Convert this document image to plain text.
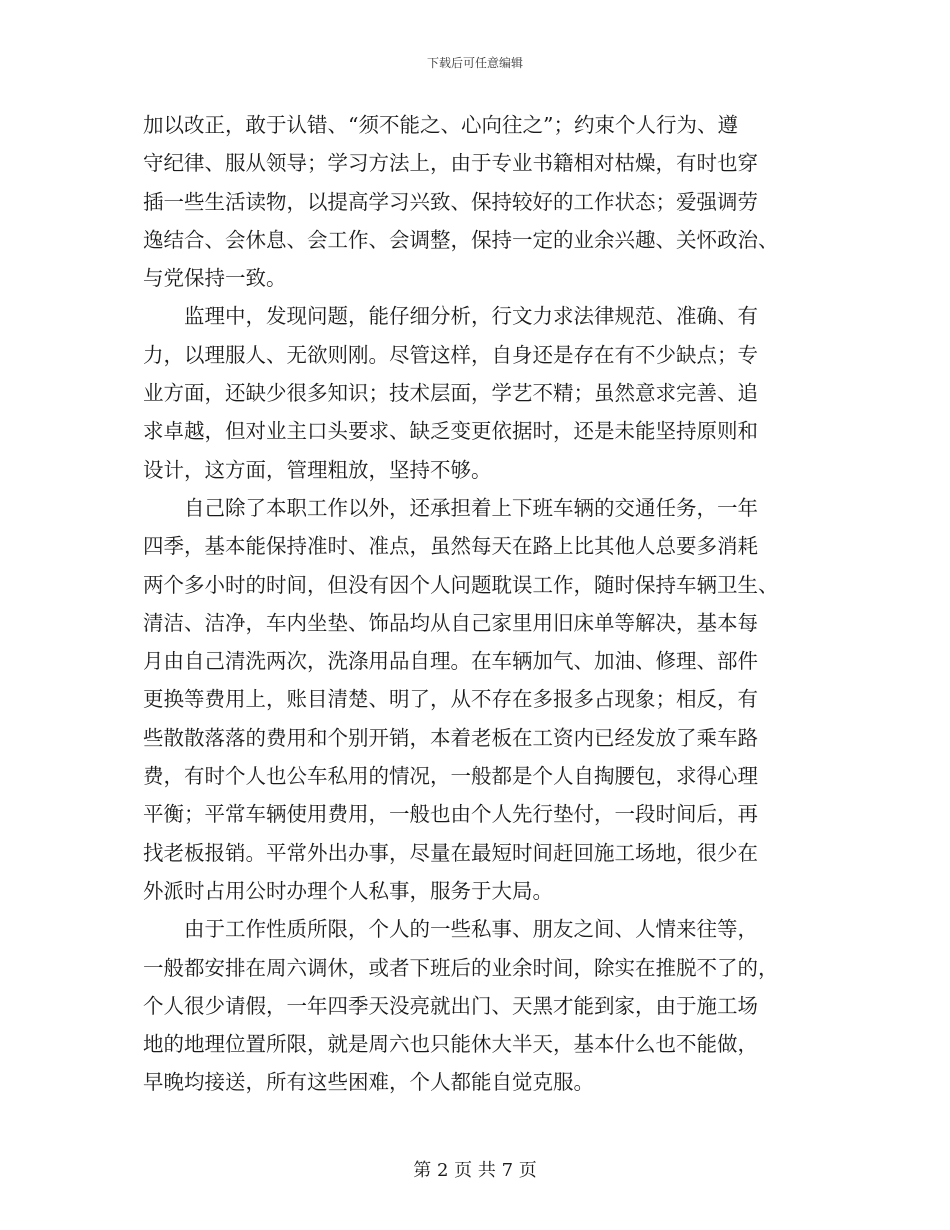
下载后可任意编辑
加以改正，敢于认错、“须不能之、心向往之”；约束个人行为、遵
守纪律、服从领导；学习方法上，由于专业书籍相对枯燥，有时也穿
插一些生活读物，以提高学习兴致、保持较好的工作状态；爱强调劳
逸结合、会休息、会工作、会调整，保持一定的业余兴趣、关怀政治、
与党保持一致。
　　监理中，发现问题，能仔细分析，行文力求法律规范、准确、有
力，以理服人、无欲则刚。尽管这样，自身还是存在有不少缺点；专
业方面，还缺少很多知识；技术层面，学艺不精；虽然意求完善、追
求卓越，但对业主口头要求、缺乏变更依据时，还是未能坚持原则和
设计，这方面，管理粗放，坚持不够。
　　自己除了本职工作以外，还承担着上下班车辆的交通任务，一年
四季，基本能保持准时、准点，虽然每天在路上比其他人总要多消耗
两个多小时的时间，但没有因个人问题耽误工作，随时保持车辆卫生、
清洁、洁净，车内坐垫、饰品均从自己家里用旧床单等解决，基本每
月由自己清洗两次，洗涤用品自理。在车辆加气、加油、修理、部件
更换等费用上，账目清楚、明了，从不存在多报多占现象；相反，有
些散散落落的费用和个别开销，本着老板在工资内已经发放了乘车路
费，有时个人也公车私用的情况，一般都是个人自掏腰包，求得心理
平衡；平常车辆使用费用，一般也由个人先行垫付，一段时间后，再
找老板报销。平常外出办事，尽量在最短时间赶回施工场地，很少在
外派时占用公时办理个人私事，服务于大局。
　　由于工作性质所限，个人的一些私事、朋友之间、人情来往等，
一般都安排在周六调休，或者下班后的业余时间，除实在推脱不了的，
个人很少请假，一年四季天没亮就出门、天黑才能到家，由于施工场
地的地理位置所限，就是周六也只能休大半天，基本什么也不能做，
早晚均接送，所有这些困难，个人都能自觉克服。
第 2 页 共 7 页
